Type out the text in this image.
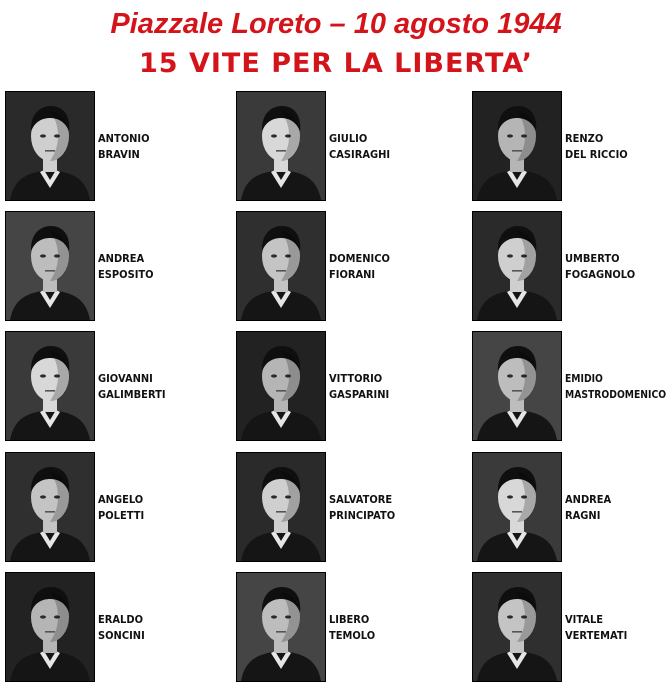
Piazzale Loreto – 10 agosto 1944
15 VITE PER LA LIBERTA’
ANTONIO
BRAVIN
GIULIO
CASIRAGHI
RENZO
DEL RICCIO
ANDREA
ESPOSITO
DOMENICO
FIORANI
UMBERTO
FOGAGNOLO
GIOVANNI
GALIMBERTI
VITTORIO
GASPARINI
EMIDIO
MASTRODOMENICO
ANGELO
POLETTI
SALVATORE
PRINCIPATO
ANDREA
RAGNI
ERALDO
SONCINI
LIBERO
TEMOLO
VITALE
VERTEMATI
